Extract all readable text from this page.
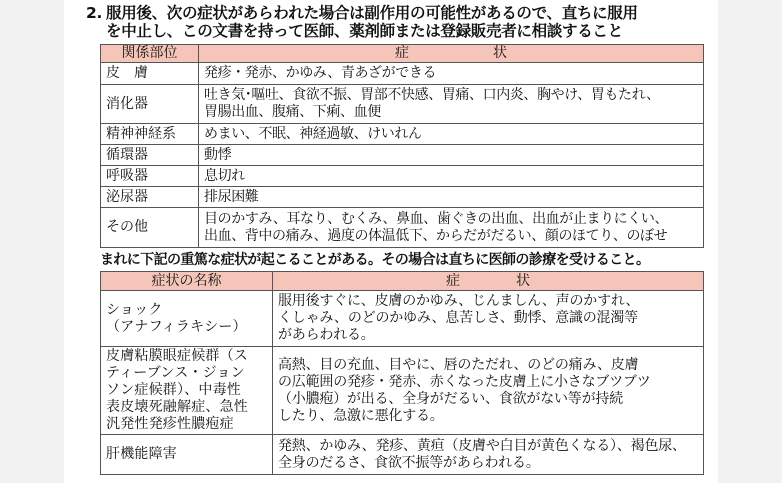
2. 服用後、次の症状があらわれた場合は副作用の可能性があるので、直ちに服用
を中止し、この文書を持って医師、薬剤師または登録販売者に相談すること
関係部位	症　　　　　　状
皮　膚	発疹・発赤、かゆみ、青あざができる

消化器	吐き気･嘔吐、食欲不振、胃部不快感、胃痛、口内炎、胸やけ、胃もたれ、
胃腸出血、腹痛、下痢、血便

精神神経系	めまい、不眠、神経過敏、けいれん

循環器	動悸

呼吸器	息切れ

泌尿器	排尿困難

その他	目のかすみ、耳なり、むくみ、鼻血、歯ぐきの出血、出血が止まりにくい、
出血、背中の痛み、過度の体温低下、からだがだるい、顔のほてり、のぼせ
まれに下記の重篤な症状が起こることがある。その場合は直ちに医師の診療を受けること。
症状の名称	症　　　　状

ショック
（アナフィラキシー）	服用後すぐに、皮膚のかゆみ、じんましん、声のかすれ、
くしゃみ、のどのかゆみ、息苦しさ、動悸、意識の混濁等
があらわれる。

皮膚粘膜眼症候群（ス
ティーブンス・ジョン
ソン症候群）、中毒性
表皮壊死融解症、急性
汎発性発疹性膿疱症	高熱、目の充血、目やに、唇のただれ、のどの痛み、皮膚
の広範囲の発疹・発赤、赤くなった皮膚上に小さなブツブツ
（小膿疱）が出る、全身がだるい、食欲がない等が持続
したり、急激に悪化する。

肝機能障害	発熱、かゆみ、発疹、黄疸（皮膚や白目が黄色くなる）、褐色尿、
全身のだるさ、食欲不振等があらわれる。
